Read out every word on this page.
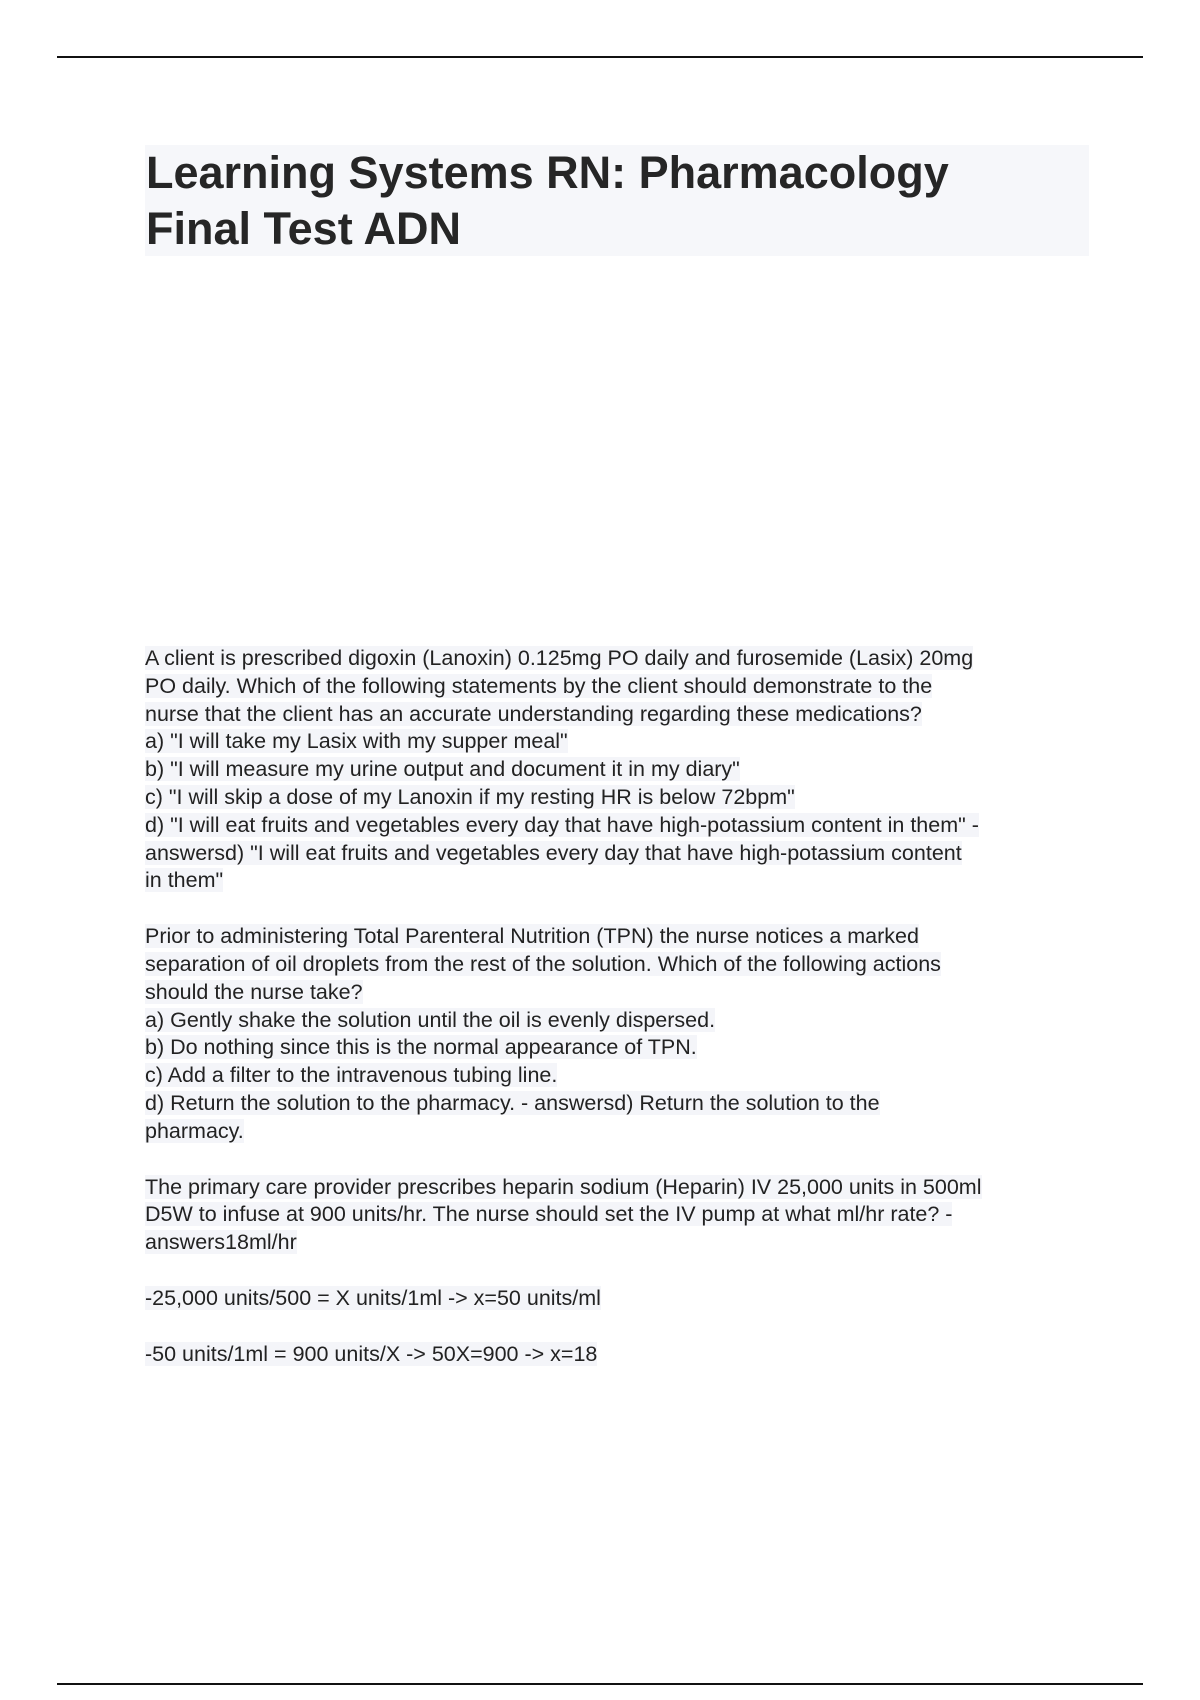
Learning Systems RN: Pharmacology
Final Test ADN
A client is prescribed digoxin (Lanoxin) 0.125mg PO daily and furosemide (Lasix) 20mg
PO daily. Which of the following statements by the client should demonstrate to the
nurse that the client has an accurate understanding regarding these medications?
a) "I will take my Lasix with my supper meal"
b) "I will measure my urine output and document it in my diary"
c) "I will skip a dose of my Lanoxin if my resting HR is below 72bpm"
d) "I will eat fruits and vegetables every day that have high-potassium content in them" -
answersd) "I will eat fruits and vegetables every day that have high-potassium content
in them"
Prior to administering Total Parenteral Nutrition (TPN) the nurse notices a marked
separation of oil droplets from the rest of the solution. Which of the following actions
should the nurse take?
a) Gently shake the solution until the oil is evenly dispersed.
b) Do nothing since this is the normal appearance of TPN.
c) Add a filter to the intravenous tubing line.
d) Return the solution to the pharmacy. - answersd) Return the solution to the
pharmacy.
The primary care provider prescribes heparin sodium (Heparin) IV 25,000 units in 500ml
D5W to infuse at 900 units/hr. The nurse should set the IV pump at what ml/hr rate? -
answers18ml/hr
-25,000 units/500 = X units/1ml -> x=50 units/ml
-50 units/1ml = 900 units/X -> 50X=900 -> x=18
